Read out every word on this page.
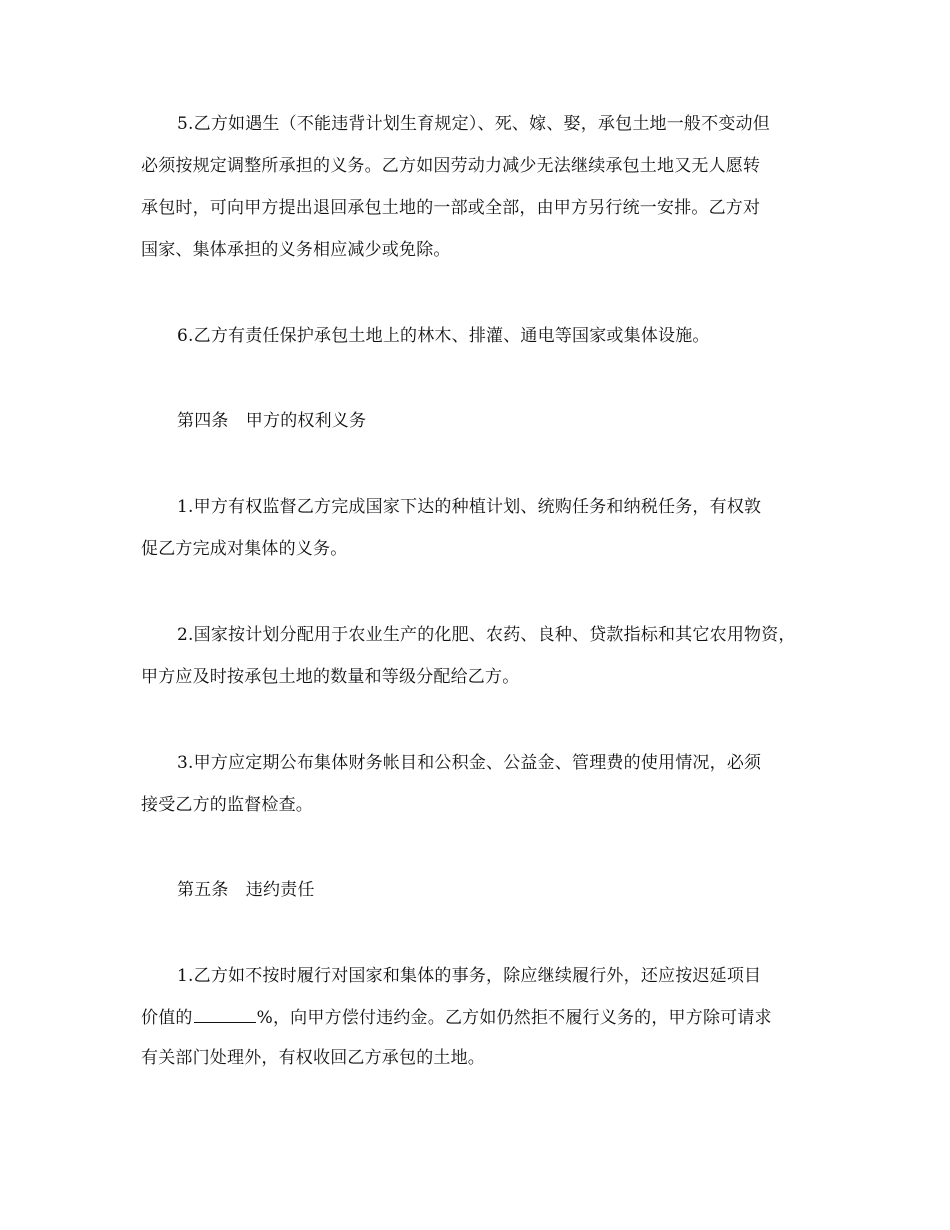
5.乙方如遇生（不能违背计划生育规定）、死、嫁、娶，承包土地一般不变动但
必须按规定调整所承担的义务。乙方如因劳动力减少无法继续承包土地又无人愿转
承包时，可向甲方提出退回承包土地的一部或全部，由甲方另行统一安排。乙方对
国家、集体承担的义务相应减少或免除。
6.乙方有责任保护承包土地上的林木、排灌、通电等国家或集体设施。
第四条　甲方的权利义务
1.甲方有权监督乙方完成国家下达的种植计划、统购任务和纳税任务，有权敦
促乙方完成对集体的义务。
2.国家按计划分配用于农业生产的化肥、农药、良种、贷款指标和其它农用物资，
甲方应及时按承包土地的数量和等级分配给乙方。
3.甲方应定期公布集体财务帐目和公积金、公益金、管理费的使用情况，必须
接受乙方的监督检查。
第五条　违约责任
1.乙方如不按时履行对国家和集体的事务，除应继续履行外，还应按迟延项目
价值的	%，向甲方偿付违约金。乙方如仍然拒不履行义务的，甲方除可请求
有关部门处理外，有权收回乙方承包的土地。
